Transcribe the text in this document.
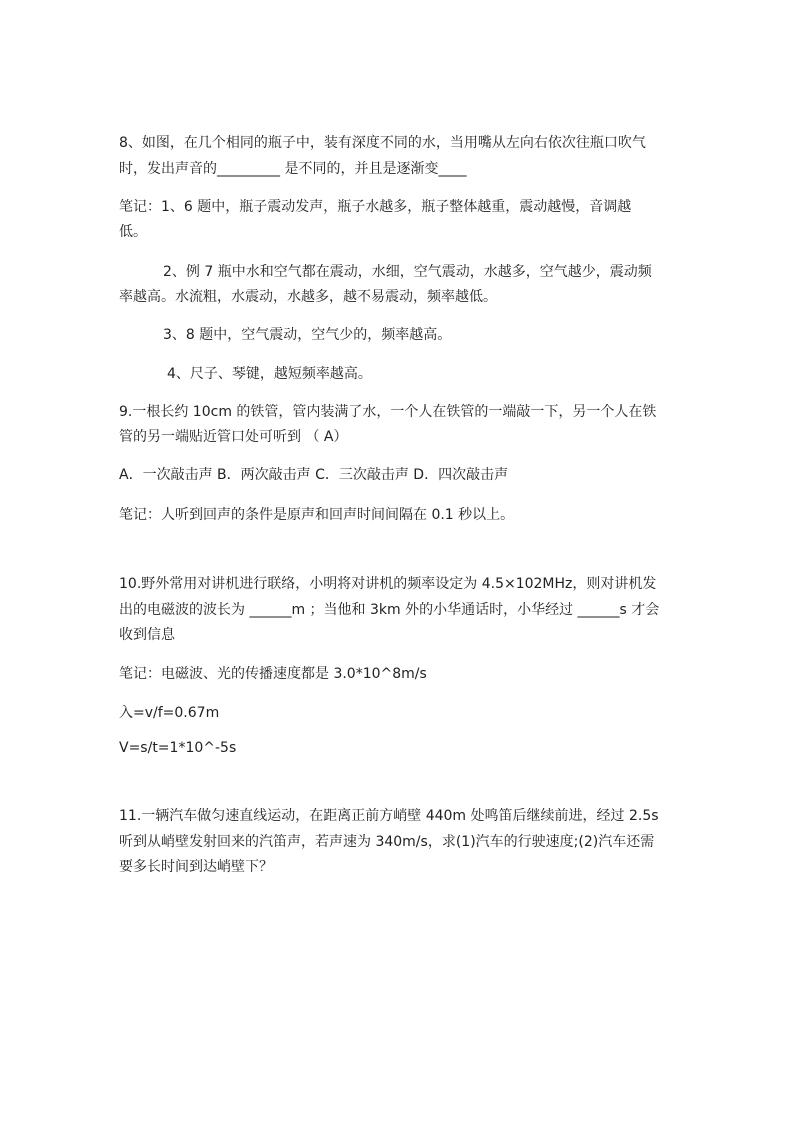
8、如图，在几个相同的瓶子中，装有深度不同的水，当用嘴从左向右依次往瓶口吹气
时，发出声音的_________ 是不同的，并且是逐渐变____
笔记：1、6 题中，瓶子震动发声，瓶子水越多，瓶子整体越重，震动越慢，音调越
低。
2、例 7 瓶中水和空气都在震动，水细，空气震动，水越多，空气越少，震动频
率越高。水流粗，水震动，水越多，越不易震动，频率越低。
3、8 题中，空气震动，空气少的，频率越高。
4、尺子、琴键，越短频率越高。
9.一根长约 10cm 的铁管，管内装满了水，一个人在铁管的一端敲一下，另一个人在铁
管的另一端贴近管口处可听到 （ A）
A．一次敲击声 B．两次敲击声 C．三次敲击声 D．四次敲击声
笔记：人听到回声的条件是原声和回声时间间隔在 0.1 秒以上。
10.野外常用对讲机进行联络，小明将对讲机的频率设定为 4.5×102MHz，则对讲机发
出的电磁波的波长为 ______m ；当他和 3km 外的小华通话时，小华经过 ______s 才会
收到信息
笔记：电磁波、光的传播速度都是 3.0*10^8m/s
入=v/f=0.67m
V=s/t=1*10^-5s
11.一辆汽车做匀速直线运动，在距离正前方峭壁 440m 处鸣笛后继续前进，经过 2.5s
听到从峭壁发射回来的汽笛声，若声速为 340m/s，求(1)汽车的行驶速度;(2)汽车还需
要多长时间到达峭壁下？
